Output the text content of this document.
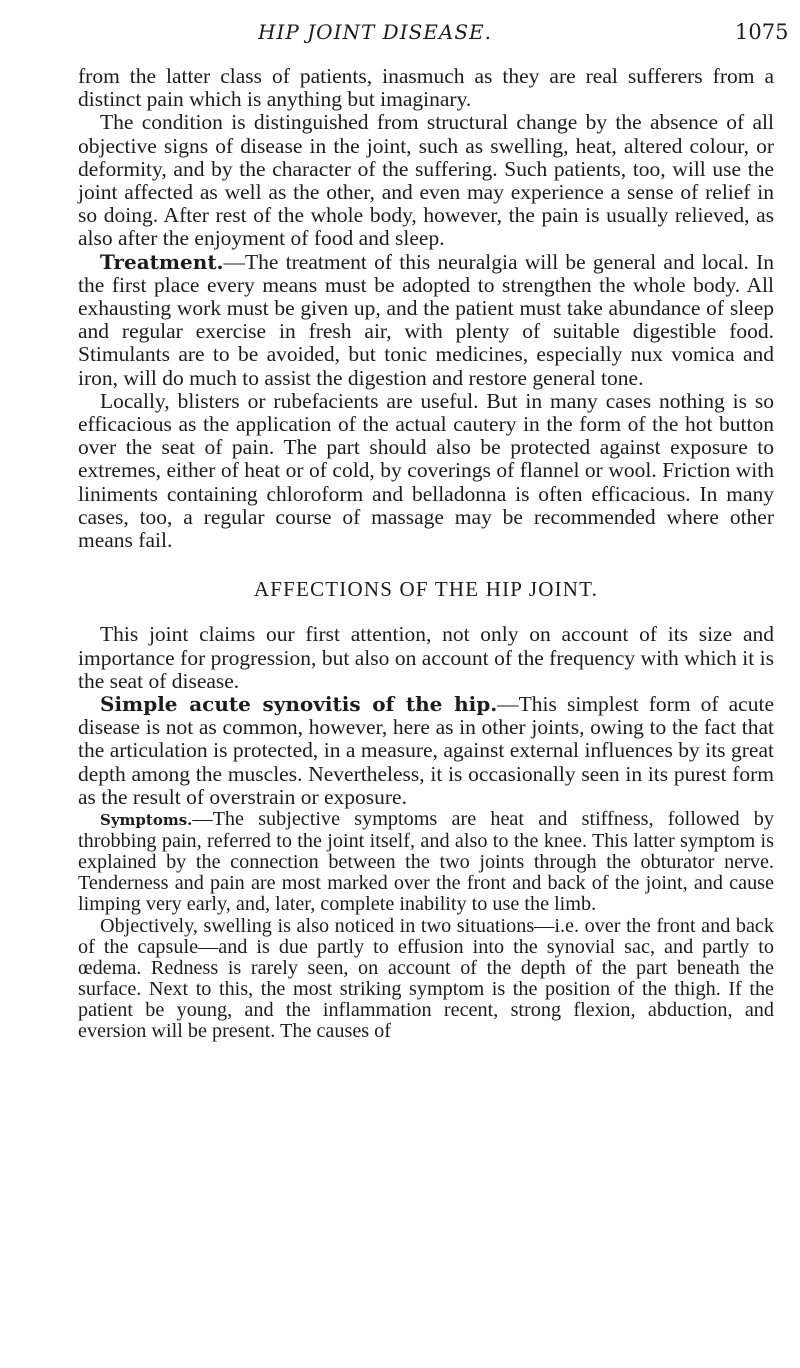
HIP JOINT DISEASE.	1075

from the latter class of patients, inasmuch as they are real sufferers from a distinct pain which is anything but imaginary.

The condition is distinguished from structural change by the absence of all objective signs of disease in the joint, such as swelling, heat, altered colour, or deformity, and by the character of the suffering. Such patients, too, will use the joint affected as well as the other, and even may experience a sense of relief in so doing. After rest of the whole body, however, the pain is usually relieved, as also after the enjoyment of food and sleep.

Treatment.—The treatment of this neuralgia will be general and local. In the first place every means must be adopted to strengthen the whole body. All exhausting work must be given up, and the patient must take abundance of sleep and regular exercise in fresh air, with plenty of suitable digestible food. Stimulants are to be avoided, but tonic medicines, especially nux vomica and iron, will do much to assist the digestion and restore general tone.

Locally, blisters or rubefacients are useful. But in many cases nothing is so efficacious as the application of the actual cautery in the form of the hot button over the seat of pain. The part should also be protected against exposure to extremes, either of heat or of cold, by coverings of flannel or wool. Friction with liniments containing chloroform and belladonna is often efficacious. In many cases, too, a regular course of massage may be recommended where other means fail.

AFFECTIONS OF THE HIP JOINT.

This joint claims our first attention, not only on account of its size and importance for progression, but also on account of the frequency with which it is the seat of disease.

Simple acute synovitis of the hip.—This simplest form of acute disease is not as common, however, here as in other joints, owing to the fact that the articulation is protected, in a measure, against external influences by its great depth among the muscles. Nevertheless, it is occasionally seen in its purest form as the result of overstrain or exposure.

Symptoms.—The subjective symptoms are heat and stiffness, followed by throbbing pain, referred to the joint itself, and also to the knee. This latter symptom is explained by the connection between the two joints through the obturator nerve. Tenderness and pain are most marked over the front and back of the joint, and cause limping very early, and, later, complete inability to use the limb.

Objectively, swelling is also noticed in two situations—i.e. over the front and back of the capsule—and is due partly to effusion into the synovial sac, and partly to œdema. Redness is rarely seen, on account of the depth of the part beneath the surface. Next to this, the most striking symptom is the position of the thigh. If the patient be young, and the inflammation recent, strong flexion, abduction, and eversion will be present. The causes of
